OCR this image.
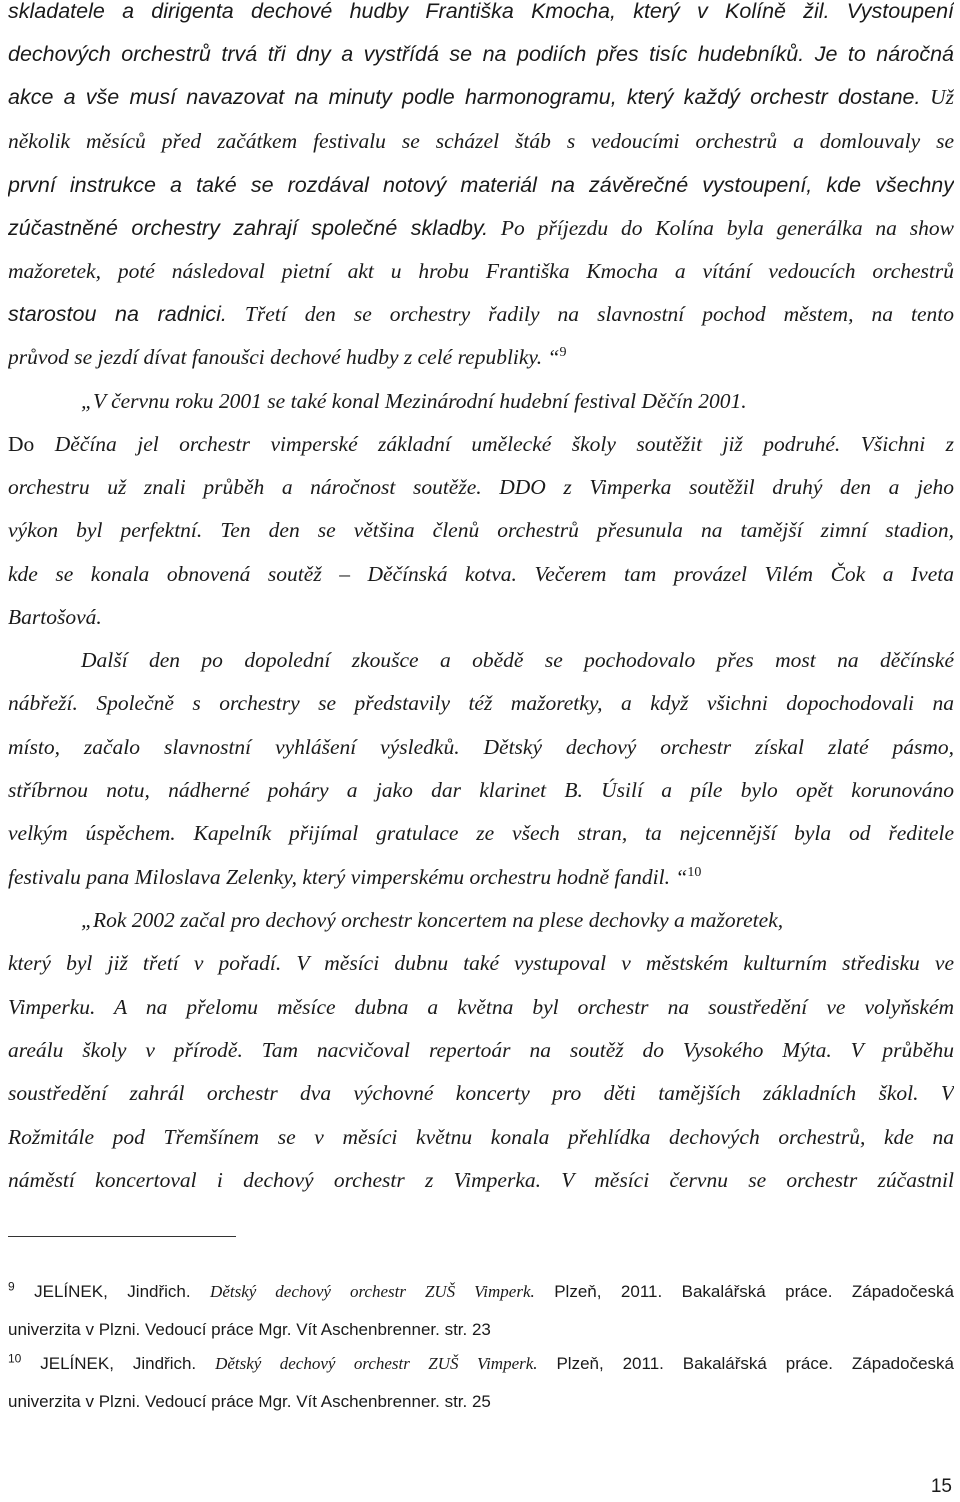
skladatele a dirigenta dechové hudby Františka Kmocha, který v Kolíně žil. Vystoupení
dechových orchestrů trvá tři dny a vystřídá se na podiích přes tisíc hudebníků. Je to náročná
akce a vše musí navazovat na minuty podle harmonogramu, který každý orchestr dostane. Už
několik měsíců před začátkem festivalu se scházel štáb s vedoucími orchestrů a domlouvaly se
první instrukce a také se rozdával notový materiál na závěrečné vystoupení, kde všechny
zúčastněné orchestry zahrají společné skladby. Po příjezdu do Kolína byla generálka na show
mažoretek, poté následoval pietní akt u hrobu Františka Kmocha a vítání vedoucích orchestrů
starostou na radnici. Třetí den se orchestry řadily na slavnostní pochod městem, na tento
průvod se jezdí dívat fanoušci dechové hudby z celé republiky. “$^9$
„V červnu roku 2001 se také konal Mezinárodní hudební festival Děčín 2001.
Do Děčína jel orchestr vimperské základní umělecké školy soutěžit již podruhé. Všichni z
orchestru už znali průběh a náročnost soutěže. DDO z Vimperka soutěžil druhý den a jeho
výkon byl perfektní. Ten den se většina členů orchestrů přesunula na tamější zimní stadion,
kde se konala obnovená soutěž – Děčínská kotva. Večerem tam provázel Vilém Čok a Iveta
Bartošová.
Další den po dopolední zkoušce a obědě se pochodovalo přes most na děčínské
nábřeží. Společně s orchestry se představily též mažoretky, a když všichni dopochodovali na
místo, začalo slavnostní vyhlášení výsledků. Dětský dechový orchestr získal zlaté pásmo,
stříbrnou notu, nádherné poháry a jako dar klarinet B. Úsilí a píle bylo opět korunováno
velkým úspěchem. Kapelník přijímal gratulace ze všech stran, ta nejcennější byla od ředitele
festivalu pana Miloslava Zelenky, který vimperskému orchestru hodně fandil. “$^{10}$
„Rok 2002 začal pro dechový orchestr koncertem na plese dechovky a mažoretek,
který byl již třetí v pořadí. V měsíci dubnu také vystupoval v městském kulturním středisku ve
Vimperku. A na přelomu měsíce dubna a května byl orchestr na soustředění ve volyňském
areálu školy v přírodě. Tam nacvičoval repertoár na soutěž do Vysokého Mýta. V průběhu
soustředění zahrál orchestr dva výchovné koncerty pro děti tamějších základních škol. V
Rožmitále pod Třemšínem se v měsíci květnu konala přehlídka dechových orchestrů, kde na
náměstí koncertoval i dechový orchestr z Vimperka. V měsíci červnu se orchestr zúčastnil
$^9$ JELÍNEK, Jindřich. Dětský dechový orchestr ZUŠ Vimperk. Plzeň, 2011. Bakalářská práce. Západočeská
univerzita v Plzni. Vedoucí práce Mgr. Vít Aschenbrenner. str. 23
$^{10}$ JELÍNEK, Jindřich. Dětský dechový orchestr ZUŠ Vimperk. Plzeň, 2011. Bakalářská práce. Západočeská
univerzita v Plzni. Vedoucí práce Mgr. Vít Aschenbrenner. str. 25
15
